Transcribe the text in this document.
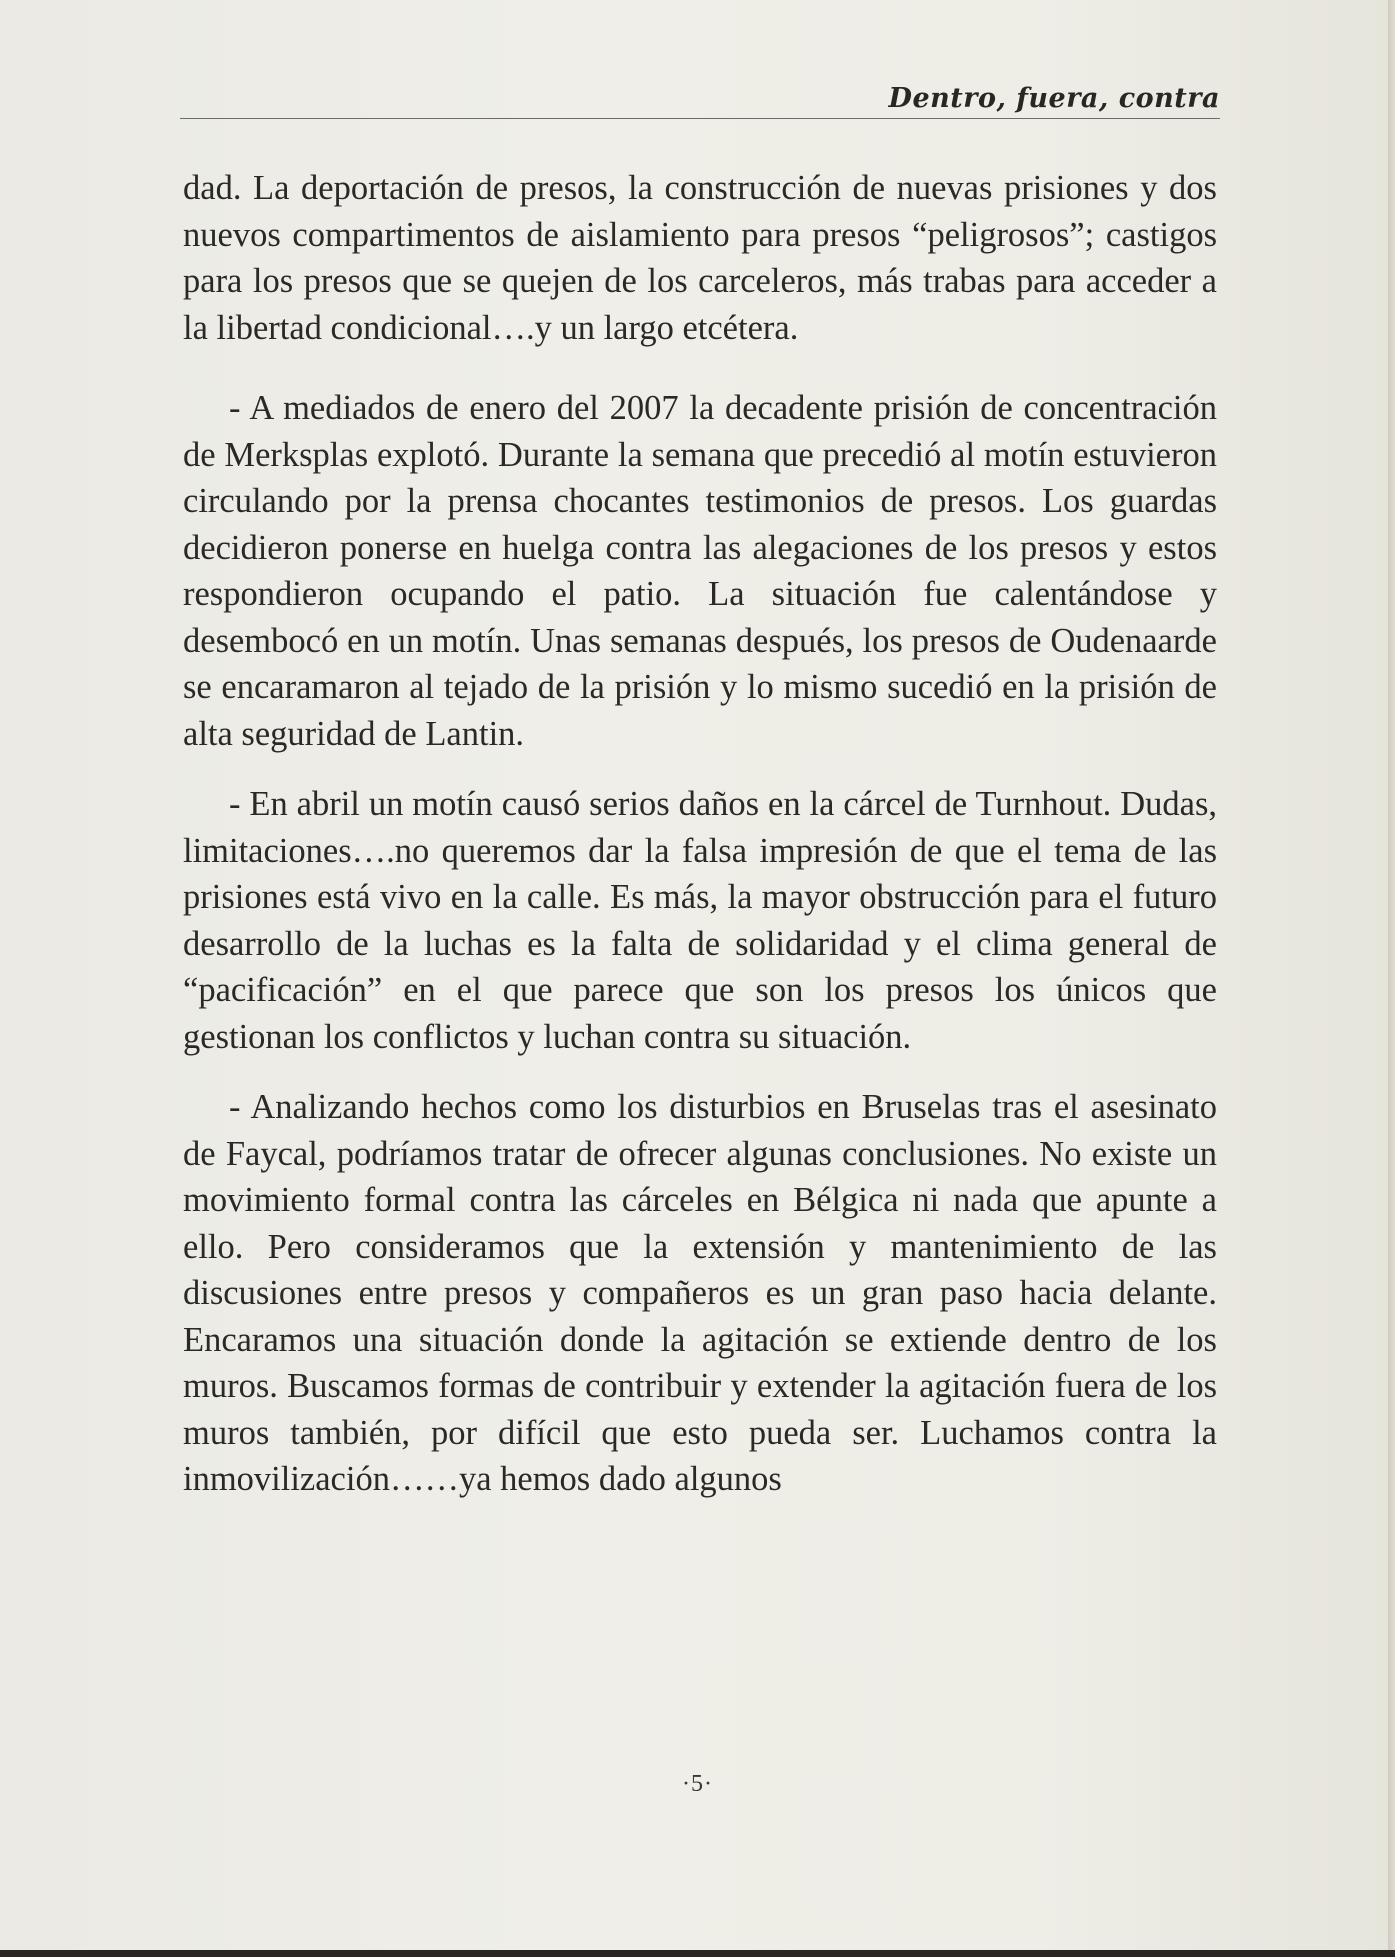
Dentro, fuera, contra

dad. La deportación de presos, la construcción de nuevas prisiones y dos nuevos compartimentos de aislamiento para presos “peligrosos”; castigos para los presos que se quejen de los carceleros, más trabas para acceder a la libertad condicional….y un largo etcétera.

- A mediados de enero del 2007 la decadente prisión de concentración de Merksplas explotó. Durante la semana que precedió al motín estuvieron circulando por la prensa chocantes testimonios de presos. Los guardas decidieron ponerse en huelga contra las alegaciones de los presos y estos respondieron ocupando el patio. La situación fue calentándose y desembocó en un motín. Unas semanas después, los presos de Oudenaarde se encaramaron al tejado de la prisión y lo mismo sucedió en la prisión de alta seguridad de Lantin.

- En abril un motín causó serios daños en la cárcel de Turnhout. Dudas, limitaciones….no queremos dar la falsa impresión de que el tema de las prisiones está vivo en la calle. Es más, la mayor obstrucción para el futuro desarrollo de la luchas es la falta de solidaridad y el clima general de “pacificación” en el que parece que son los presos los únicos que gestionan los conflictos y luchan contra su situación.

- Analizando hechos como los disturbios en Bruselas tras el asesinato de Faycal, podríamos tratar de ofrecer algunas conclusiones. No existe un movimiento formal contra las cárceles en Bélgica ni nada que apunte a ello. Pero consideramos que la extensión y mantenimiento de las discusiones entre presos y compañeros es un gran paso hacia delante. Encaramos una situación donde la agitación se extiende dentro de los muros. Buscamos formas de contribuir y extender la agitación fuera de los muros también, por difícil que esto pueda ser. Luchamos contra la inmovilización……ya hemos dado algunos

·5·
